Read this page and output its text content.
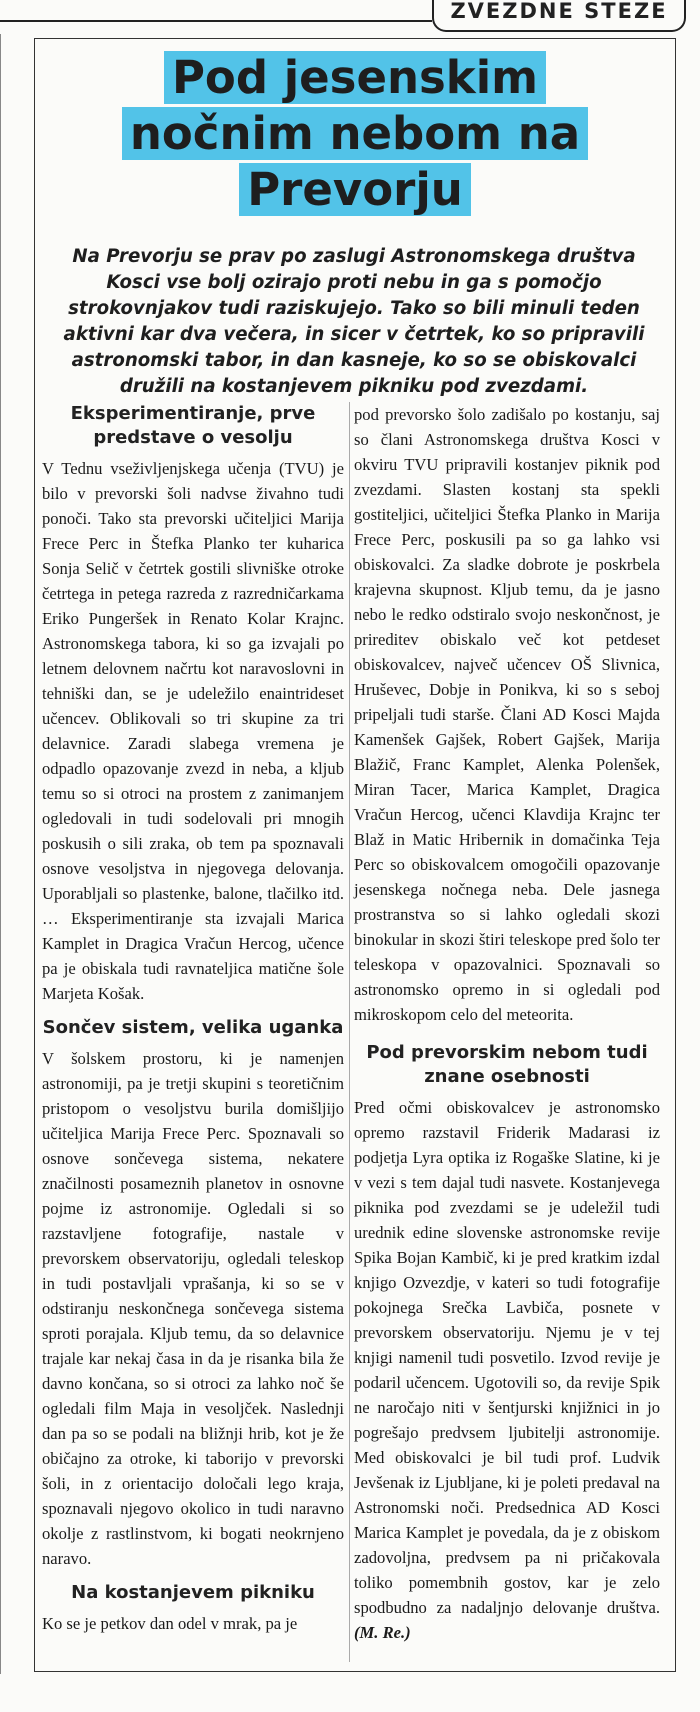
ZVEZDNE STEZE
Pod jesenskim
nočnim nebom na
Prevorju
Na Prevorju se prav po zaslugi Astronomskega društva Kosci vse bolj ozirajo proti nebu in ga s pomočjo strokovnjakov tudi raziskujejo. Tako so bili minuli teden aktivni kar dva večera, in sicer v četrtek, ko so pripravili astronomski tabor, in dan kasneje, ko so se obiskovalci družili na kostanjevem pikniku pod zvezdami.
Eksperimentiranje, prve predstave o vesolju

V Tednu vseživljenjskega učenja (TVU) je bilo v prevorski šoli nadvse živahno tudi ponoči. Tako sta prevorski učiteljici Marija Frece Perc in Štefka Planko ter kuharica Sonja Selič v četrtek gostili slivniške otroke četrtega in petega razreda z razredničarkama Eriko Pungeršek in Renato Kolar Krajnc. Astronomskega tabora, ki so ga izvajali po letnem delovnem načrtu kot naravoslovni in tehniški dan, se je udeležilo enaintrideset učencev. Oblikovali so tri skupine za tri delavnice. Zaradi slabega vremena je odpadlo opazovanje zvezd in neba, a kljub temu so si otroci na prostem z zanimanjem ogledovali in tudi sodelovali pri mnogih poskusih o sili zraka, ob tem pa spoznavali osnove vesoljstva in njegovega delovanja. Uporabljali so plastenke, balone, tlačilko itd. … Eksperimentiranje sta izvajali Marica Kamplet in Dragica Vračun Hercog, učence pa je obiskala tudi ravnateljica matične šole Marjeta Košak.

Sončev sistem, velika uganka

V šolskem prostoru, ki je namenjen astronomiji, pa je tretji skupini s teoretičnim pristopom o vesoljstvu burila domišljijo učiteljica Marija Frece Perc. Spoznavali so osnove sončevega sistema, nekatere značilnosti posameznih planetov in osnovne pojme iz astronomije. Ogledali si so razstavljene fotografije, nastale v prevorskem observatoriju, ogledali teleskop in tudi postavljali vprašanja, ki so se v odstiranju neskončnega sončevega sistema sproti porajala. Kljub temu, da so delavnice trajale kar nekaj časa in da je risanka bila že davno končana, so si otroci za lahko noč še ogledali film Maja in vesoljček. Naslednji dan pa so se podali na bližnji hrib, kot je že običajno za otroke, ki taborijo v prevorski šoli, in z orientacijo določali lego kraja, spoznavali njegovo okolico in tudi naravno okolje z rastlinstvom, ki bogati neokrnjeno naravo.

Na kostanjevem pikniku

Ko se je petkov dan odel v mrak, pa je

pod prevorsko šolo zadišalo po kostanju, saj so člani Astronomskega društva Kosci v okviru TVU pripravili kostanjev piknik pod zvezdami. Slasten kostanj sta spekli gostiteljici, učiteljici Štefka Planko in Marija Frece Perc, poskusili pa so ga lahko vsi obiskovalci. Za sladke dobrote je poskrbela krajevna skupnost. Kljub temu, da je jasno nebo le redko odstiralo svojo neskončnost, je prireditev obiskalo več kot petdeset obiskovalcev, največ učencev OŠ Slivnica, Hruševec, Dobje in Ponikva, ki so s seboj pripeljali tudi starše. Člani AD Kosci Majda Kamenšek Gajšek, Robert Gajšek, Marija Blažič, Franc Kamplet, Alenka Polenšek, Miran Tacer, Marica Kamplet, Dragica Vračun Hercog, učenci Klavdija Krajnc ter Blaž in Matic Hribernik in domačinka Teja Perc so obiskovalcem omogočili opazovanje jesenskega nočnega neba. Dele jasnega prostranstva so si lahko ogledali skozi binokular in skozi štiri teleskope pred šolo ter teleskopa v opazovalnici. Spoznavali so astronomsko opremo in si ogledali pod mikroskopom celo del meteorita.

Pod prevorskim nebom tudi znane osebnosti

Pred očmi obiskovalcev je astronomsko opremo razstavil Friderik Madarasi iz podjetja Lyra optika iz Rogaške Slatine, ki je v vezi s tem dajal tudi nasvete. Kostanjevega piknika pod zvezdami se je udeležil tudi urednik edine slovenske astronomske revije Spika Bojan Kambič, ki je pred kratkim izdal knjigo Ozvezdje, v kateri so tudi fotografije pokojnega Srečka Lavbiča, posnete v prevorskem observatoriju. Njemu je v tej knjigi namenil tudi posvetilo. Izvod revije je podaril učencem. Ugotovili so, da revije Spik ne naročajo niti v šentjurski knjižnici in jo pogrešajo predvsem ljubitelji astronomije. Med obiskovalci je bil tudi prof. Ludvik Jevšenak iz Ljubljane, ki je poleti predaval na Astronomski noči. Predsednica AD Kosci Marica Kamplet je povedala, da je z obiskom zadovoljna, predvsem pa ni pričakovala toliko pomembnih gostov, kar je zelo spodbudno za nadaljnjo delovanje društva. (M. Re.)
